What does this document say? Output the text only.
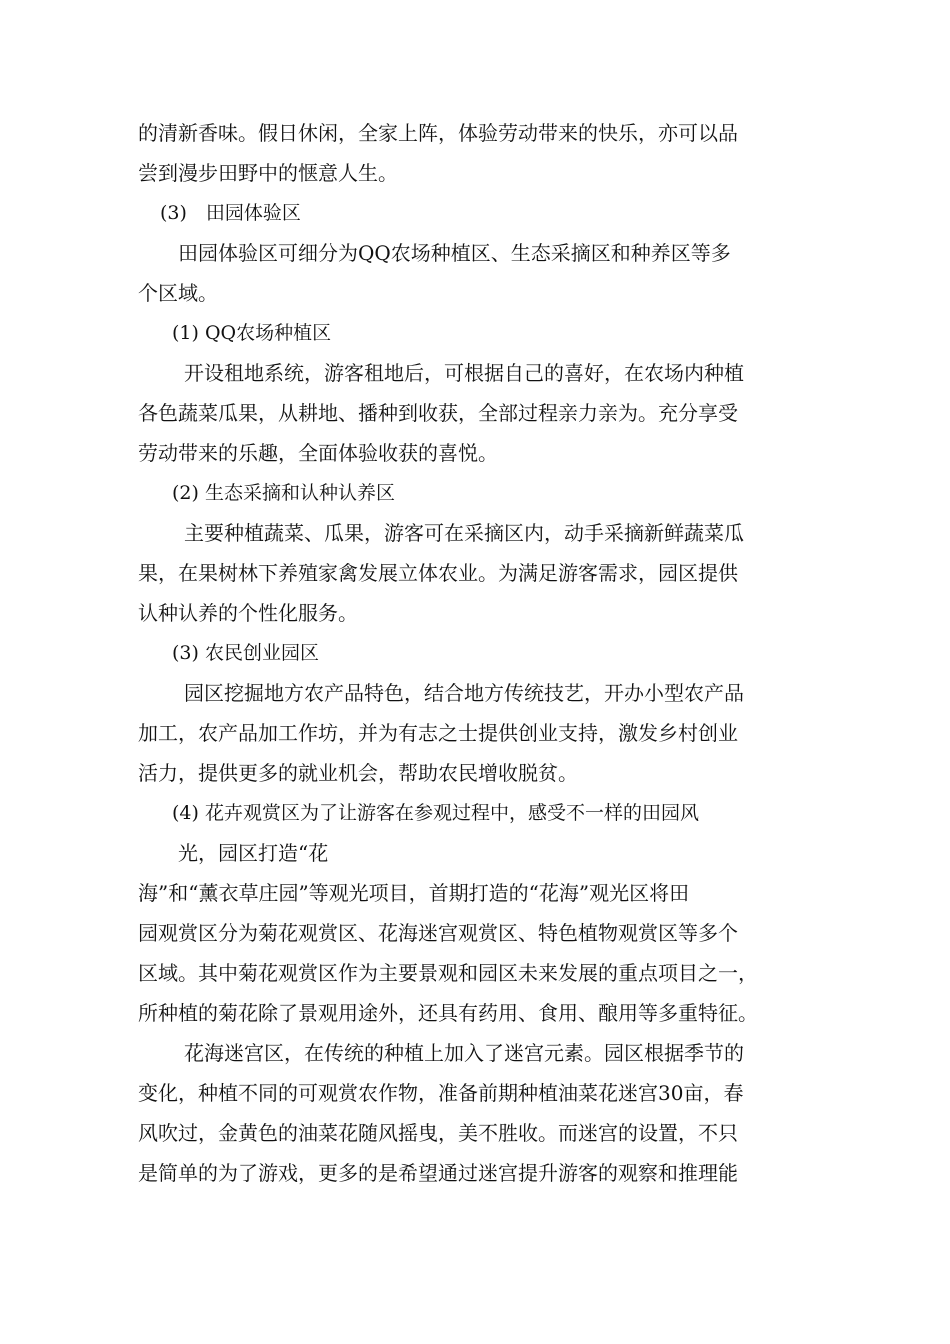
的清新香味。假日休闲，全家上阵，体验劳动带来的快乐，亦可以品
尝到漫步田野中的惬意人生。
(3)　田园体验区
田园体验区可细分为QQ农场种植区、生态采摘区和种养区等多
个区域。
(1) QQ农场种植区
开设租地系统，游客租地后，可根据自己的喜好，在农场内种植
各色蔬菜瓜果，从耕地、播种到收获，全部过程亲力亲为。充分享受
劳动带来的乐趣，全面体验收获的喜悦。
(2) 生态采摘和认种认养区
主要种植蔬菜、瓜果，游客可在采摘区内，动手采摘新鲜蔬菜瓜
果，在果树林下养殖家禽发展立体农业。为满足游客需求，园区提供
认种认养的个性化服务。
(3) 农民创业园区
园区挖掘地方农产品特色，结合地方传统技艺，开办小型农产品
加工，农产品加工作坊，并为有志之士提供创业支持，激发乡村创业
活力，提供更多的就业机会，帮助农民增收脱贫。
(4) 花卉观赏区为了让游客在参观过程中，感受不一样的田园风
光，园区打造“花
海”和“薰衣草庄园”等观光项目，首期打造的“花海”观光区将田
园观赏区分为菊花观赏区、花海迷宫观赏区、特色植物观赏区等多个
区域。其中菊花观赏区作为主要景观和园区未来发展的重点项目之一，
所种植的菊花除了景观用途外，还具有药用、食用、酿用等多重特征。
花海迷宫区，在传统的种植上加入了迷宫元素。园区根据季节的
变化，种植不同的可观赏农作物，准备前期种植油菜花迷宫30亩，春
风吹过，金黄色的油菜花随风摇曳，美不胜收。而迷宫的设置，不只
是简单的为了游戏，更多的是希望通过迷宫提升游客的观察和推理能
